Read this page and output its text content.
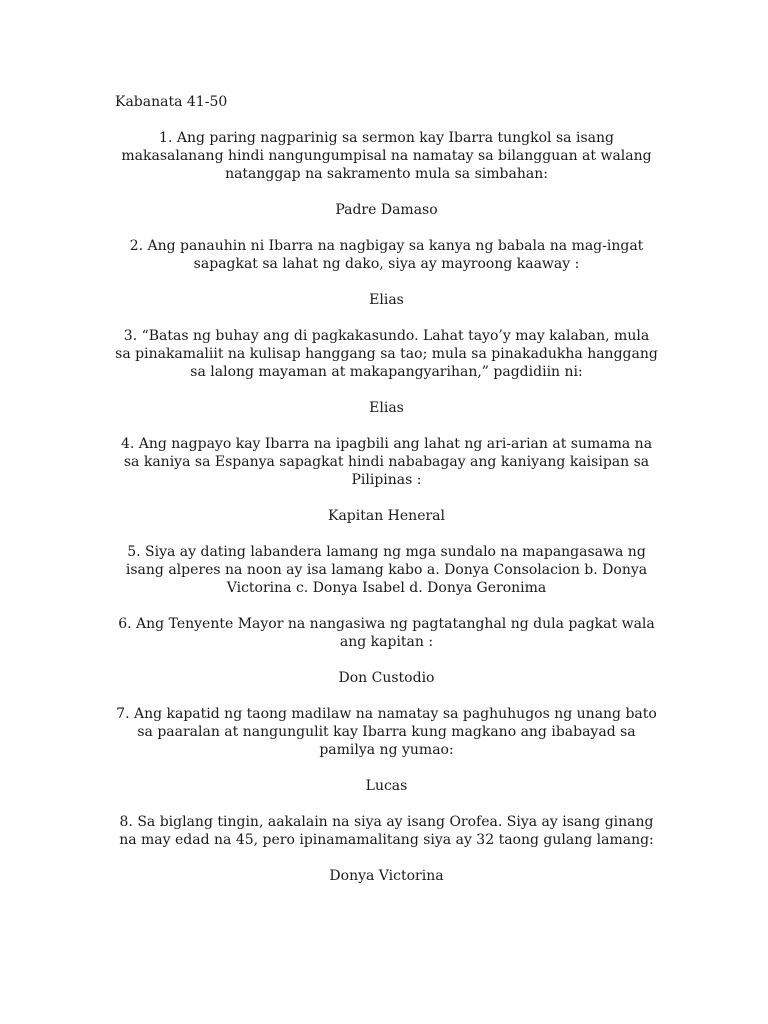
Kabanata 41-50

1. Ang paring nagparinig sa sermon kay Ibarra tungkol sa isang makasalanang hindi nangungumpisal na namatay sa bilangguan at walang natanggap na sakramento mula sa simbahan:

Padre Damaso

2. Ang panauhin ni Ibarra na nagbigay sa kanya ng babala na mag-ingat sapagkat sa lahat ng dako, siya ay mayroong kaaway :

Elias

3. “Batas ng buhay ang di pagkakasundo. Lahat tayo’y may kalaban, mula sa pinakamaliit na kulisap hanggang sa tao; mula sa pinakadukha hanggang sa lalong mayaman at makapangyarihan,” pagdidiin ni:

Elias

4. Ang nagpayo kay Ibarra na ipagbili ang lahat ng ari-arian at sumama na sa kaniya sa Espanya sapagkat hindi nababagay ang kaniyang kaisipan sa Pilipinas :

Kapitan Heneral

5. Siya ay dating labandera lamang ng mga sundalo na mapangasawa ng isang alperes na noon ay isa lamang kabo a. Donya Consolacion b. Donya Victorina c. Donya Isabel d. Donya Geronima

6. Ang Tenyente Mayor na nangasiwa ng pagtatanghal ng dula pagkat wala ang kapitan :

Don Custodio

7. Ang kapatid ng taong madilaw na namatay sa paghuhugos ng unang bato sa paaralan at nangungulit kay Ibarra kung magkano ang ibabayad sa pamilya ng yumao:

Lucas

8. Sa biglang tingin, aakalain na siya ay isang Orofea. Siya ay isang ginang na may edad na 45, pero ipinamamalitang siya ay 32 taong gulang lamang:

Donya Victorina
